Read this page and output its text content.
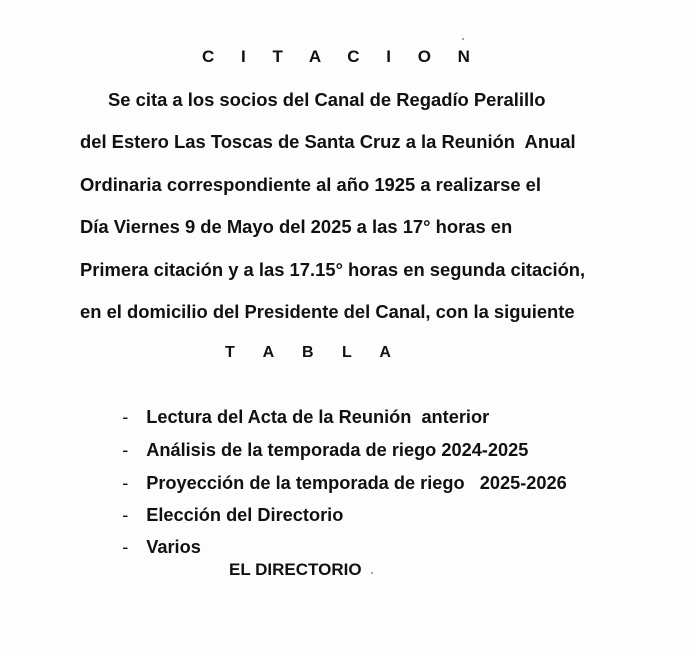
C I T A C I O N
Se cita a los socios del Canal de Regadío Peralillo
del Estero Las Toscas de Santa Cruz a la Reunión  Anual
Ordinaria correspondiente al año 1925 a realizarse el
Día Viernes 9 de Mayo del 2025 a las 17° horas en
Primera citación y a las 17.15° horas en segunda citación,
en el domicilio del Presidente del Canal, con la siguiente
T A B L A

- Lectura del Acta de la Reunión  anterior

- Análisis de la temporada de riego 2024-2025

- Proyección de la temporada de riego   2025-2026

- Elección del Directorio

- Varios

EL DIRECTORIO
